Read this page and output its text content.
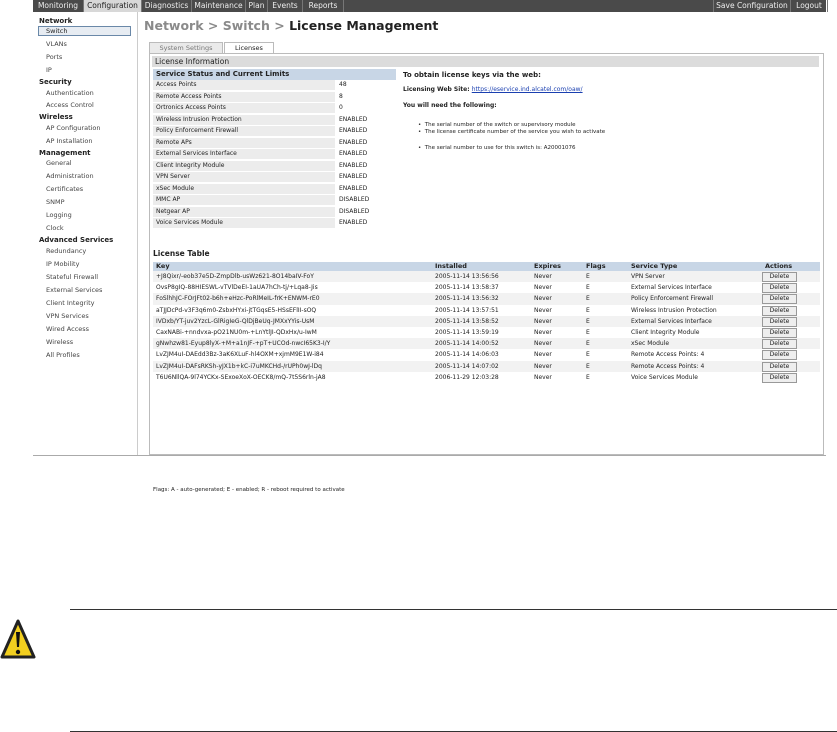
Monitoring	Configuration Diagnostics Maintenance Plan	Events	Reports	Save Configuration	Logout
Network
Switch
VLANs
Ports
IP
Security
Authentication
Access Control
Wireless
AP Configuration
AP Installation
Management
General
Administration
Certificates
SNMP
Logging
Clock
Advanced Services
Redundancy
IP Mobility
Stateful Firewall
External Services
Client Integrity
VPN Services
Wired Access
Wireless
All Profiles
Network > Switch > License Management
System Settings	Licenses
License Information
Service Status and Current Limits
Access Points	48
Remote Access Points	8
Ortronics Access Points	0
Wireless Intrusion Protection	ENABLED
Policy Enforcement Firewall	ENABLED
Remote APs	ENABLED
External Services Interface	ENABLED
Client Integrity Module	ENABLED
VPN Server	ENABLED
xSec Module	ENABLED
MMC AP	DISABLED
Netgear AP	DISABLED
Voice Services Module	ENABLED
To obtain license keys via the web:
Licensing Web Site: https://eservice.ind.alcatel.com/oaw/
You will need the following:
•  The serial number of the switch or supervisory module
•  The license certificate number of the service you wish to activate
•  The serial number to use for this switch is: A20001076
License Table
Key	Installed	Expires	Flags	Service Type	Actions
+J8Qixr/-eob37e5D-ZmpDlb-usWz621-8O14baIV-FoY	2005-11-14 13:56:56	Never	E	VPN Server	Delete
OvsP8gIQ-88HIESWL-vTVlDeEI-1aUA7hCh-tj/+Lqa8-Jis	2005-11-14 13:58:37	Never	E	External Services Interface	Delete
FoSlhhJC-FOrJFt02-b6h+eHzc-PoRlMeIL-frK+ENWM-rE0	2005-11-14 13:56:32	Never	E	Policy Enforcement Firewall	Delete
aTJJDcPd-v3F3q6m0-ZsbxHYxi-jtTGqsE5-HSsEFlII-sOQ	2005-11-14 13:57:51	Never	E	Wireless Intrusion Protection	Delete
IVDxb/YT-juv2YzcL-GlRigIeG-QlDjBeUq-JMXxYYis-UsM	2005-11-14 13:58:52	Never	E	External Services Interface	Delete
CaxNABi-+nndvxa-pO21NU0m-+LnYtlJI-QDxHx/u-IwM	2005-11-14 13:59:19	Never	E	Client Integrity Module	Delete
gNwhzw81-Eyup8lyX-+M+a1nJF-+pT+UCOd-nwcI65K3-I/Y	2005-11-14 14:00:52	Never	E	xSec Module	Delete
LvZJM4uI-DAEdd3Bz-3aK6XLuF-hl4OXM+xjmM9E1W-i84	2005-11-14 14:06:03	Never	E	Remote Access Points: 4	Delete
LvZJM4uI-DAFsRKSh-yJX1b+kC-i7uMKCHd-/rUPh0wJ-lDq	2005-11-14 14:07:02	Never	E	Remote Access Points: 4	Delete
T6U6NllQA-9l74YCKx-SExoeXoX-OECK8/mQ-7t5S6rln-jA8	2006-11-29 12:03:28	Never	E	Voice Services Module	Delete
Flags: A - auto-generated; E - enabled; R - reboot required to activate
